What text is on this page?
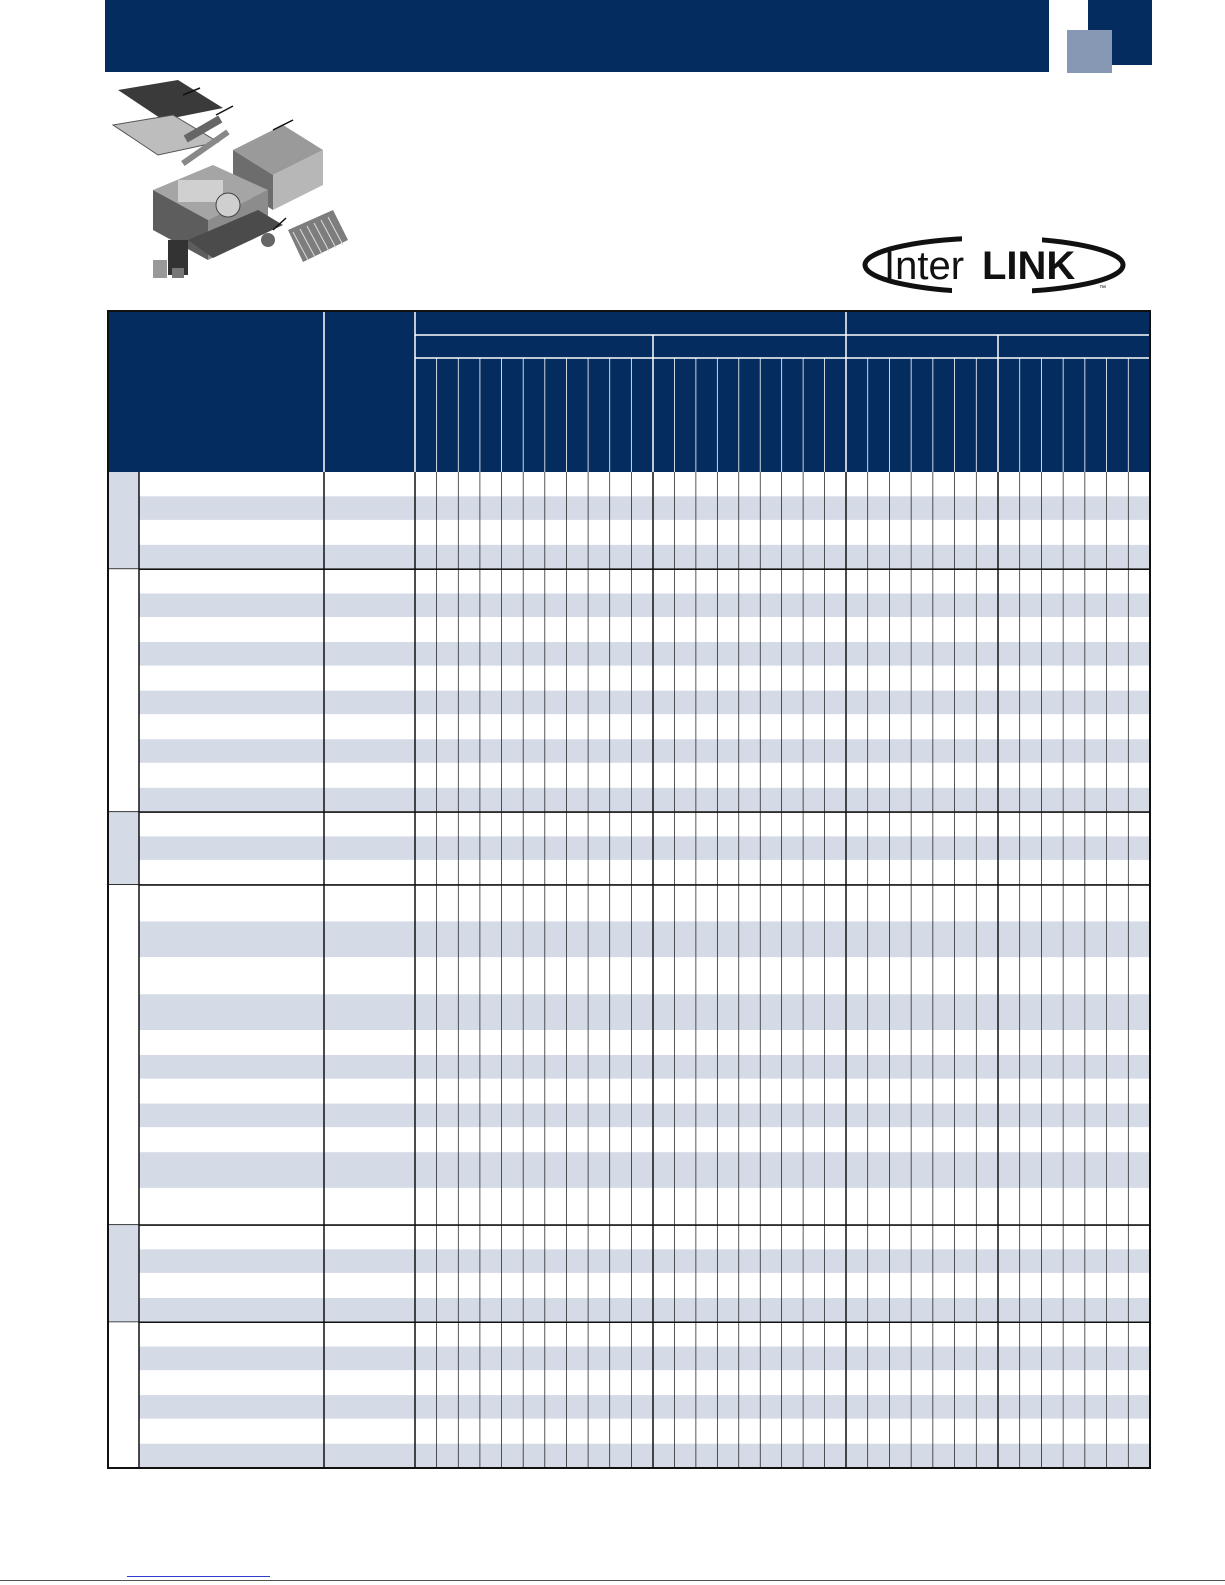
Inter LINK
™
